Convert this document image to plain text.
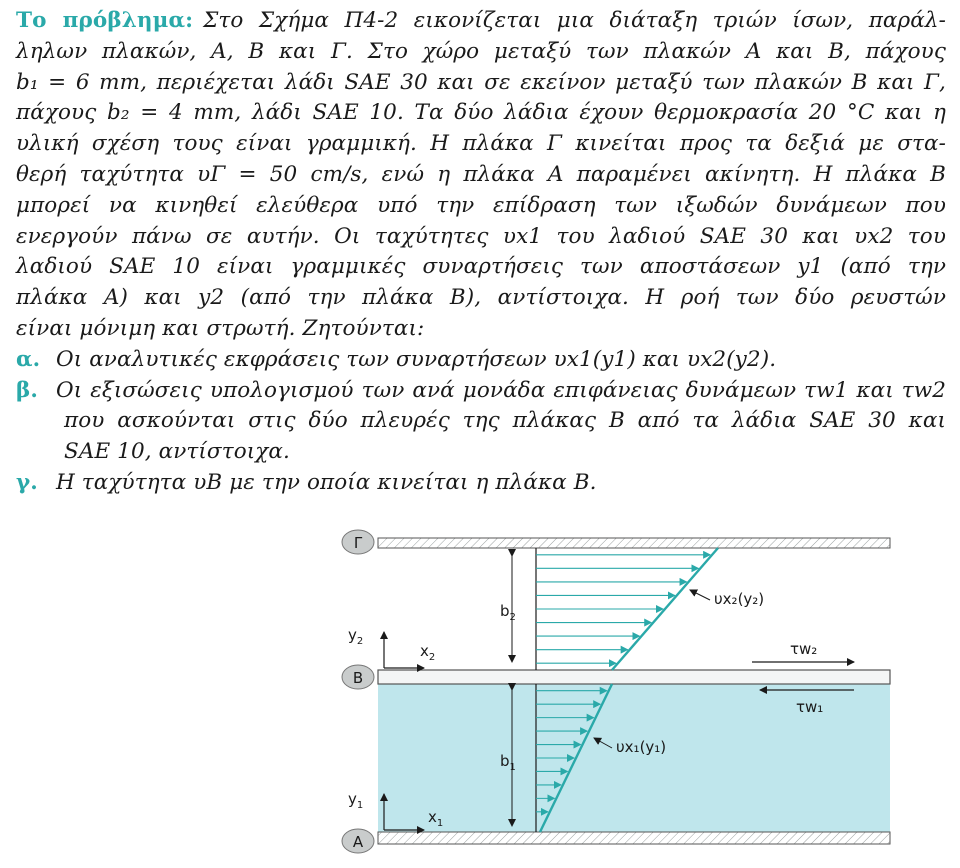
Το πρόβλημα: Στο Σχήμα Π4-2 εικονίζεται μια διάταξη τριών ίσων, παράλ-
ληλων πλακών, Α, Β και Γ. Στο χώρο μεταξύ των πλακών Α και Β, πάχους
b₁ = 6 mm, περιέχεται λάδι SAE 30 και σε εκείνον μεταξύ των πλακών Β και Γ,
πάχους b₂ = 4 mm, λάδι SAE 10. Τα δύο λάδια έχουν θερμοκρασία 20 °C και η
υλική σχέση τους είναι γραμμική. Η πλάκα Γ κινείται προς τα δεξιά με στα-
θερή ταχύτητα υΓ = 50 cm/s, ενώ η πλάκα Α παραμένει ακίνητη. Η πλάκα Β
μπορεί να κινηθεί ελεύθερα υπό την επίδραση των ιξωδών δυνάμεων που
ενεργούν πάνω σε αυτήν. Οι ταχύτητες υx1 του λαδιού SAE 30 και υx2 του
λαδιού SAE 10 είναι γραμμικές συναρτήσεις των αποστάσεων y1 (από την
πλάκα Α) και y2 (από την πλάκα Β), αντίστοιχα. Η ροή των δύο ρευστών
είναι μόνιμη και στρωτή. Ζητούνται:
α. Οι αναλυτικές εκφράσεις των συναρτήσεων υx1(y1) και υx2(y2).
β. Οι εξισώσεις υπολογισμού των ανά μονάδα επιφάνειας δυνάμεων τw1 και τw2
που ασκούνται στις δύο πλευρές της πλάκας Β από τα λάδια SAE 30 και
SAE 10, αντίστοιχα.
γ. Η ταχύτητα υΒ με την οποία κινείται η πλάκα Β.
Γ
B
A
$b_2$
$b_1$
υx₂(y₂)
υx₁(y₁)
$y_2$
$x_2$
$y_1$
$x_1$
τw₂
τw₁
